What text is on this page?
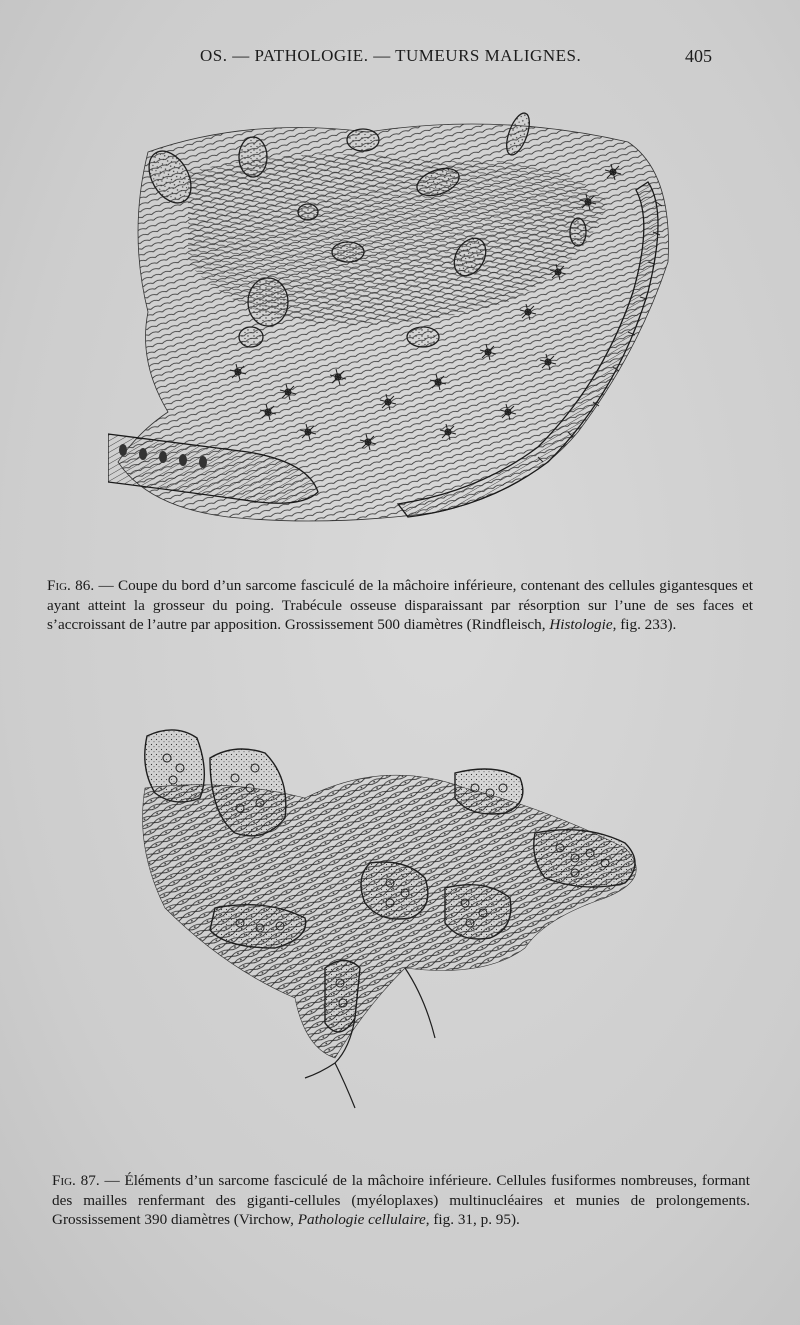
OS. — PATHOLOGIE. — TUMEURS MALIGNES.	405

Fig. 86. — Coupe du bord d’un sarcome fasciculé de la mâchoire inférieure, contenant des cellules gigantesques et ayant atteint la grosseur du poing. Trabécule osseuse disparaissant par résorption sur l’une de ses faces et s’accroissant de l’autre par apposition. Grossissement 500 diamètres (Rindfleisch, Histologie, fig. 233).

Fig. 87. — Éléments d’un sarcome fasciculé de la mâchoire inférieure. Cellules fusiformes nombreuses, formant des mailles renfermant des giganti-cellules (myéloplaxes) multinucléaires et munies de prolongements. Grossissement 390 diamètres (Virchow, Pathologie cellulaire, fig. 31, p. 95).
